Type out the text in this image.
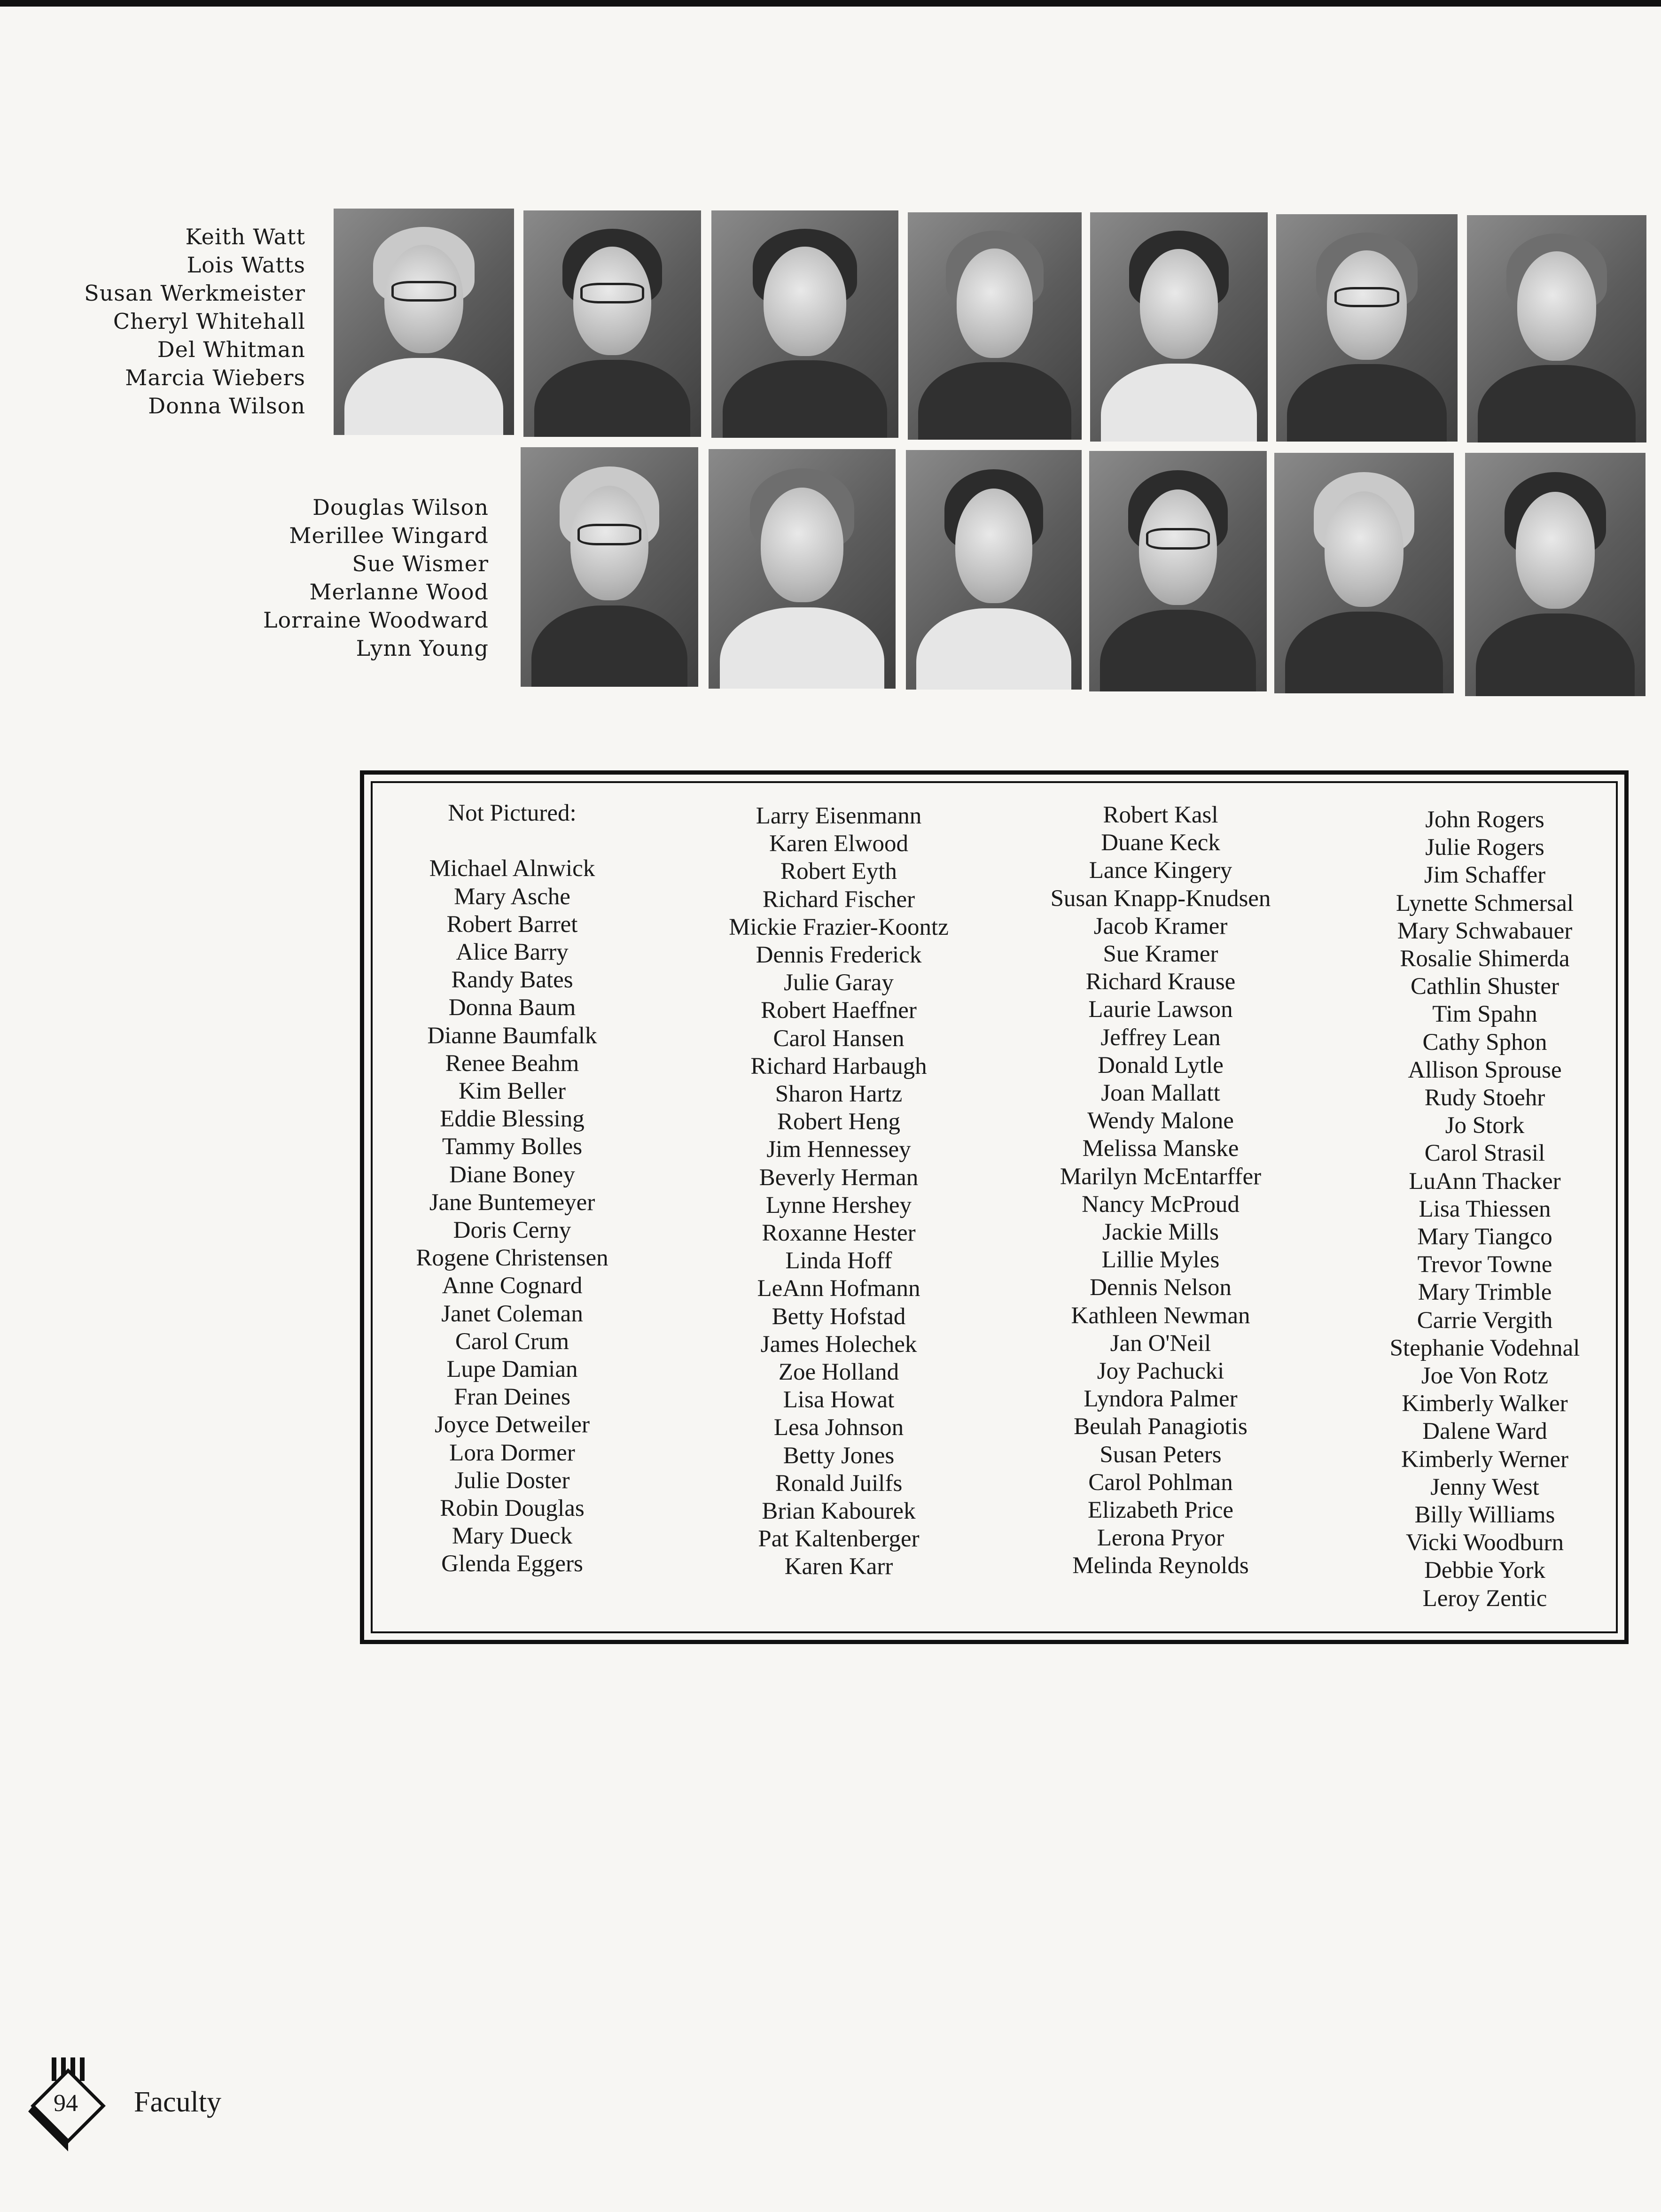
Keith Watt
Lois Watts
Susan Werkmeister
Cheryl Whitehall
Del Whitman
Marcia Wiebers
Donna Wilson
Douglas Wilson
Merillee Wingard
Sue Wismer
Merlanne Wood
Lorraine Woodward
Lynn Young
Not Pictured:
Michael Alnwick
Mary Asche
Robert Barret
Alice Barry
Randy Bates
Donna Baum
Dianne Baumfalk
Renee Beahm
Kim Beller
Eddie Blessing
Tammy Bolles
Diane Boney
Jane Buntemeyer
Doris Cerny
Rogene Christensen
Anne Cognard
Janet Coleman
Carol Crum
Lupe Damian
Fran Deines
Joyce Detweiler
Lora Dormer
Julie Doster
Robin Douglas
Mary Dueck
Glenda Eggers
Larry Eisenmann
Karen Elwood
Robert Eyth
Richard Fischer
Mickie Frazier-Koontz
Dennis Frederick
Julie Garay
Robert Haeffner
Carol Hansen
Richard Harbaugh
Sharon Hartz
Robert Heng
Jim Hennessey
Beverly Herman
Lynne Hershey
Roxanne Hester
Linda Hoff
LeAnn Hofmann
Betty Hofstad
James Holechek
Zoe Holland
Lisa Howat
Lesa Johnson
Betty Jones
Ronald Juilfs
Brian Kabourek
Pat Kaltenberger
Karen Karr
Robert Kasl
Duane Keck
Lance Kingery
Susan Knapp-Knudsen
Jacob Kramer
Sue Kramer
Richard Krause
Laurie Lawson
Jeffrey Lean
Donald Lytle
Joan Mallatt
Wendy Malone
Melissa Manske
Marilyn McEntarffer
Nancy McProud
Jackie Mills
Lillie Myles
Dennis Nelson
Kathleen Newman
Jan O'Neil
Joy Pachucki
Lyndora Palmer
Beulah Panagiotis
Susan Peters
Carol Pohlman
Elizabeth Price
Lerona Pryor
Melinda Reynolds
John Rogers
Julie Rogers
Jim Schaffer
Lynette Schmersal
Mary Schwabauer
Rosalie Shimerda
Cathlin Shuster
Tim Spahn
Cathy Sphon
Allison Sprouse
Rudy Stoehr
Jo Stork
Carol Strasil
LuAnn Thacker
Lisa Thiessen
Mary Tiangco
Trevor Towne
Mary Trimble
Carrie Vergith
Stephanie Vodehnal
Joe Von Rotz
Kimberly Walker
Dalene Ward
Kimberly Werner
Jenny West
Billy Williams
Vicki Woodburn
Debbie York
Leroy Zentic
94 Faculty
